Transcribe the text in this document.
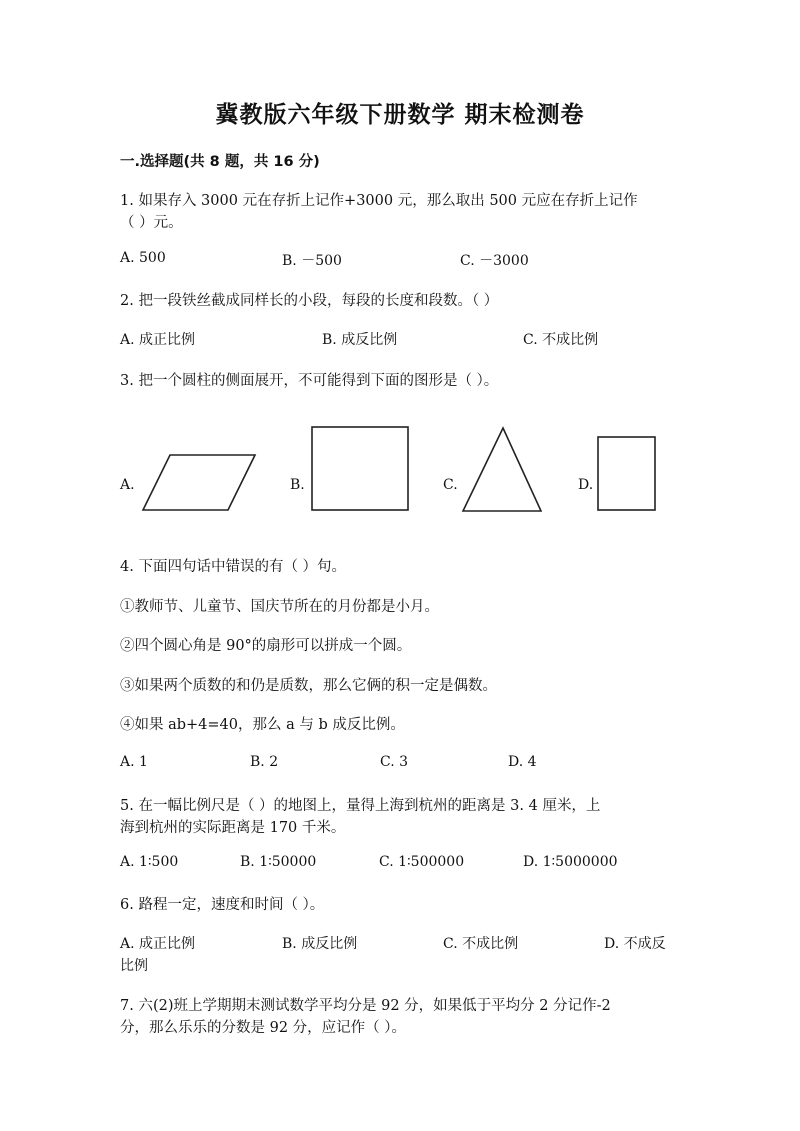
冀教版六年级下册数学 期末检测卷
一.选择题(共 8 题，共 16 分)
1. 如果存入 3000 元在存折上记作+3000 元，那么取出 500 元应在存折上记作
（ ）元。
A. 500	B. －500	C. －3000
2. 把一段铁丝截成同样长的小段，每段的长度和段数。（ ）
A. 成正比例	B. 成反比例	C. 不成比例
3. 把一个圆柱的侧面展开，不可能得到下面的图形是（ ）。
A.	B.	C.	D.
4. 下面四句话中错误的有（ ）句。
①教师节、儿童节、国庆节所在的月份都是小月。
②四个圆心角是 90°的扇形可以拼成一个圆。
③如果两个质数的和仍是质数，那么它俩的积一定是偶数。
④如果 ab+4=40，那么 a 与 b 成反比例。
A. 1	B. 2	C. 3	D. 4
5. 在一幅比例尺是（ ）的地图上，量得上海到杭州的距离是 3. 4 厘米，上
海到杭州的实际距离是 170 千米。
A. 1∶500	B. 1∶50000	C. 1∶500000	D. 1∶5000000
6. 路程一定，速度和时间（ ）。
A. 成正比例	B. 成反比例	C. 不成比例	D. 不成反
比例
7. 六(2)班上学期期末测试数学平均分是 92 分，如果低于平均分 2 分记作-2
分，那么乐乐的分数是 92 分，应记作（ ）。
